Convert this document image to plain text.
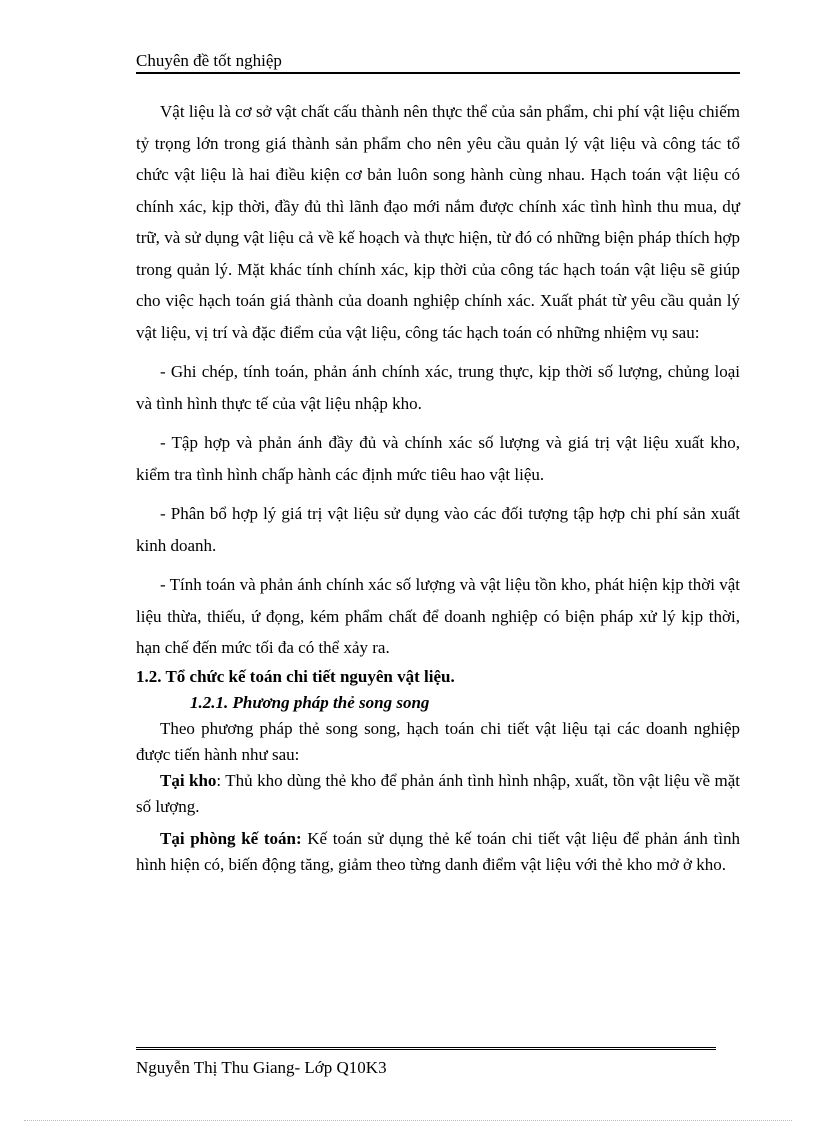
Chuyên đề tốt nghiệp

Vật liệu là cơ sở vật chất cấu thành nên thực thể của sản phẩm, chi phí vật liệu chiếm tỷ trọng lớn trong giá thành sản phẩm cho nên yêu cầu quản lý vật liệu và công tác tổ chức vật liệu là hai điều kiện cơ bản luôn song hành cùng nhau. Hạch toán vật liệu có chính xác, kịp thời, đầy đủ thì lãnh đạo mới nắm được chính xác tình hình thu mua, dự trữ, và sử dụng vật liệu cả về kế hoạch và thực hiện, từ đó có những biện pháp thích hợp trong quản lý. Mặt khác tính chính xác, kịp thời của công tác hạch toán vật liệu sẽ giúp cho việc hạch toán giá thành của doanh nghiệp chính xác. Xuất phát từ yêu cầu quản lý vật liệu, vị trí và đặc điểm của vật liệu, công tác hạch toán có những nhiệm vụ sau:

- Ghi chép, tính toán, phản ánh chính xác, trung thực, kịp thời số lượng, chủng loại và tình hình thực tế của vật liệu nhập kho.

- Tập hợp và phản ánh đầy đủ và chính xác số lượng và giá trị vật liệu xuất kho, kiểm tra tình hình chấp hành các định mức tiêu hao vật liệu.

- Phân bổ hợp lý giá trị vật liệu sử dụng vào các đối tượng tập hợp chi phí sản xuất kinh doanh.

- Tính toán và phản ánh chính xác số lượng và vật liệu tồn kho, phát hiện kịp thời vật liệu thừa, thiếu, ứ đọng, kém phẩm chất để doanh nghiệp có biện pháp xử lý kịp thời, hạn chế đến mức tối đa có thể xảy ra.

1.2. Tổ chức kế toán chi tiết nguyên vật liệu.

1.2.1. Phương pháp thẻ song song

Theo phương pháp thẻ song song, hạch toán chi tiết vật liệu tại các doanh nghiệp được tiến hành như sau:

Tại kho: Thủ kho dùng thẻ kho để phản ánh tình hình nhập, xuất, tồn vật liệu về mặt số lượng.

Tại phòng kế toán: Kế toán sử dụng thẻ kế toán chi tiết vật liệu để phản ánh tình hình hiện có, biến động tăng, giảm theo từng danh điểm vật liệu với thẻ kho mở ở kho.

Nguyễn Thị Thu Giang- Lớp Q10K3
